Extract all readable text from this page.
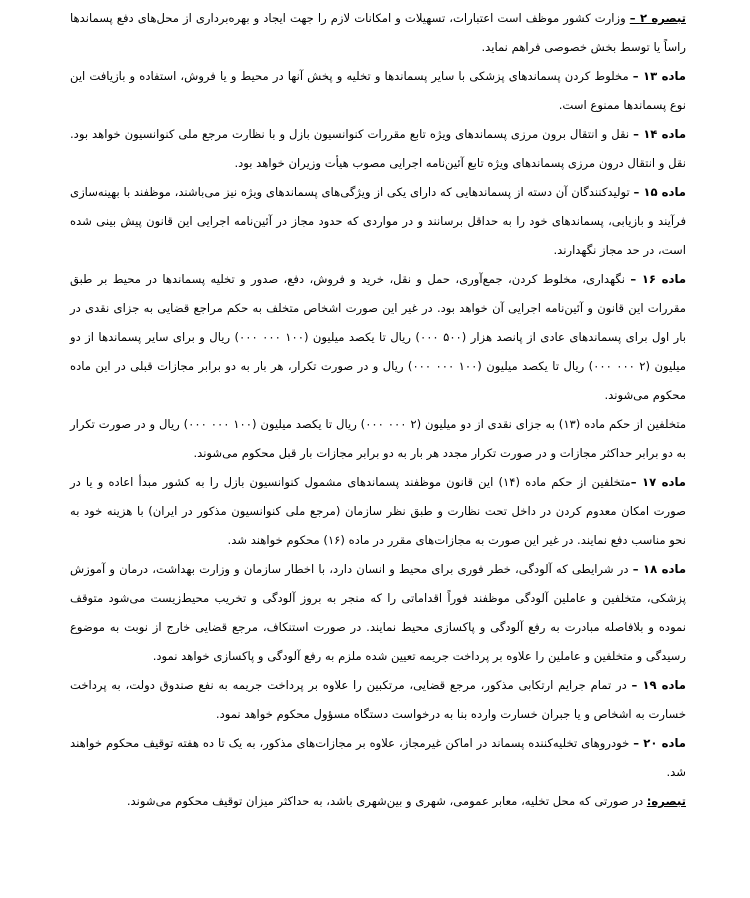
تبصره ۲ – وزارت کشور موظف است اعتبارات، تسهیلات و امکانات لازم را جهت ایجاد و بهره‌برداری از محل‌های دفع پسماندها راساً یا توسط بخش خصوصی فراهم نماید.

ماده ۱۳ – مخلوط کردن پسماندهای پزشکی با سایر پسماندها و تخلیه و پخش آنها در محیط و یا فروش، استفاده و بازیافت این نوع پسماندها ممنوع است.

ماده ۱۴ – نقل و انتقال برون مرزی پسماندهای ویژه تابع مقررات کنوانسیون بازل و با نظارت مرجع ملی کنوانسیون خواهد بود. نقل و انتقال درون مرزی پسماندهای ویژه تابع آئین‌نامه اجرایی مصوب هیأت وزیران خواهد بود.

ماده ۱۵ – تولیدکنندگان آن دسته از پسماندهایی که دارای یکی از ویژگی‌های پسماندهای ویژه نیز می‌باشند، موظفند با بهینه‌سازی فرآیند و بازیابی، پسماندهای خود را به حداقل برسانند و در مواردی که حدود مجاز در آئین‌نامه اجرایی این قانون پیش بینی شده است، در حد مجاز نگهدارند.

ماده ۱۶ – نگهداری، مخلوط کردن، جمع‌آوری، حمل و نقل، خرید و فروش، دفع، صدور و تخلیه پسماندها در محیط بر طبق مقررات این قانون و آئین‌نامه اجرایی آن خواهد بود. در غیر این صورت اشخاص متخلف به حکم مراجع قضایی به جزای نقدی در بار اول برای پسماندهای عادی از پانصد هزار (۵۰۰ ۰۰۰) ریال تا یکصد میلیون (۱۰۰ ۰۰۰ ۰۰۰) ریال و برای سایر پسماندها از دو میلیون (۲ ۰۰۰ ۰۰۰) ریال تا یکصد میلیون (۱۰۰ ۰۰۰ ۰۰۰) ریال و در صورت تکرار، هر بار به دو برابر مجازات قبلی در این ماده محکوم می‌شوند.

متخلفین از حکم ماده (۱۳) به جزای نقدی از دو میلیون (۲ ۰۰۰ ۰۰۰) ریال تا یکصد میلیون (۱۰۰ ۰۰۰ ۰۰۰) ریال و در صورت تکرار به دو برابر حداکثر مجازات و در صورت تکرار مجدد هر بار به دو برابر مجازات بار قبل محکوم می‌شوند.

ماده ۱۷ –متخلفین از حکم ماده (۱۴) این قانون موظفند پسماندهای مشمول کنوانسیون بازل را به کشور مبدأ اعاده و یا در صورت امکان معدوم کردن در داخل تحت نظارت و طبق نظر سازمان (مرجع ملی کنوانسیون مذکور در ایران) با هزینه خود به نحو مناسب دفع نمایند. در غیر این صورت به مجازات‌های مقرر در ماده (۱۶) محکوم خواهند شد.

ماده ۱۸ – در شرایطی که آلودگی، خطر فوری برای محیط و انسان دارد، با اخطار سازمان و وزارت بهداشت، درمان و آموزش پزشکی، متخلفین و عاملین آلودگی موظفند فوراً اقداماتی را که منجر به بروز آلودگی و تخریب محیط‌زیست می‌شود متوقف نموده و بلافاصله مبادرت به رفع آلودگی و پاکسازی محیط نمایند. در صورت استنکاف، مرجع قضایی خارج از نوبت به موضوع رسیدگی و متخلفین و عاملین را علاوه بر پرداخت جریمه تعیین شده ملزم به رفع آلودگی و پاکسازی خواهد نمود.

ماده ۱۹ – در تمام جرایم ارتکابی مذکور، مرجع قضایی، مرتکبین را علاوه بر پرداخت جریمه به نفع صندوق دولت، به پرداخت خسارت به اشخاص و یا جبران خسارت وارده بنا به درخواست دستگاه مسؤول محکوم خواهد نمود.

ماده ۲۰ – خودروهای تخلیه‌کننده پسماند در اماکن غیرمجاز، علاوه بر مجازات‌های مذکور، به یک تا ده هفته توقیف محکوم خواهند شد.

تبصره: در صورتی که محل تخلیه، معابر عمومی، شهری و بین‌شهری باشد، به حداکثر میزان توقیف محکوم می‌شوند.
